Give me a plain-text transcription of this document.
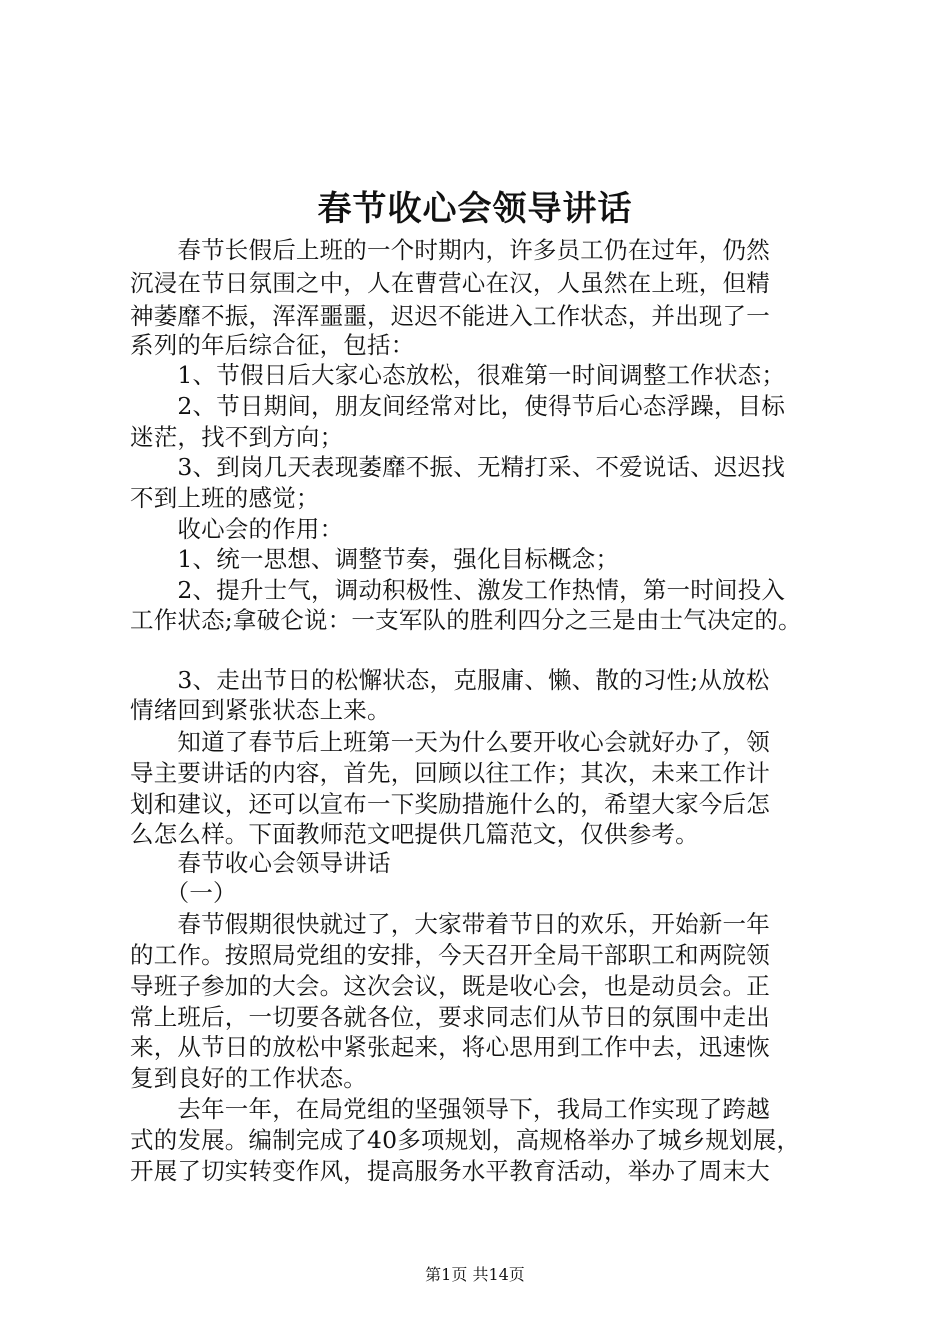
春节收心会领导讲话
　　春节长假后上班的一个时期内，许多员工仍在过年，仍然
沉浸在节日氛围之中，人在曹营心在汉，人虽然在上班，但精
神萎靡不振，浑浑噩噩，迟迟不能进入工作状态，并出现了一
系列的年后综合征，包括：
　　1、节假日后大家心态放松，很难第一时间调整工作状态；
　　2、节日期间，朋友间经常对比，使得节后心态浮躁，目标
迷茫，找不到方向；
　　3、到岗几天表现萎靡不振、无精打采、不爱说话、迟迟找
不到上班的感觉；
　　收心会的作用：
　　1、统一思想、调整节奏，强化目标概念；
　　2、提升士气，调动积极性、激发工作热情，第一时间投入
工作状态;拿破仑说：一支军队的胜利四分之三是由士气决定的。
　　3、走出节日的松懈状态，克服庸、懒、散的习性;从放松
情绪回到紧张状态上来。
　　知道了春节后上班第一天为什么要开收心会就好办了，领
导主要讲话的内容，首先，回顾以往工作；其次，未来工作计
划和建议，还可以宣布一下奖励措施什么的，希望大家今后怎
么怎么样。下面教师范文吧提供几篇范文，仅供参考。
　　春节收心会领导讲话
　　（一）
　　春节假期很快就过了，大家带着节日的欢乐，开始新一年
的工作。按照局党组的安排，今天召开全局干部职工和两院领
导班子参加的大会。这次会议，既是收心会，也是动员会。正
常上班后，一切要各就各位，要求同志们从节日的氛围中走出
来，从节日的放松中紧张起来，将心思用到工作中去，迅速恢
复到良好的工作状态。
　　去年一年，在局党组的坚强领导下，我局工作实现了跨越
式的发展。编制完成了40多项规划，高规格举办了城乡规划展，
开展了切实转变作风，提高服务水平教育活动，举办了周末大
第1页 共14页
